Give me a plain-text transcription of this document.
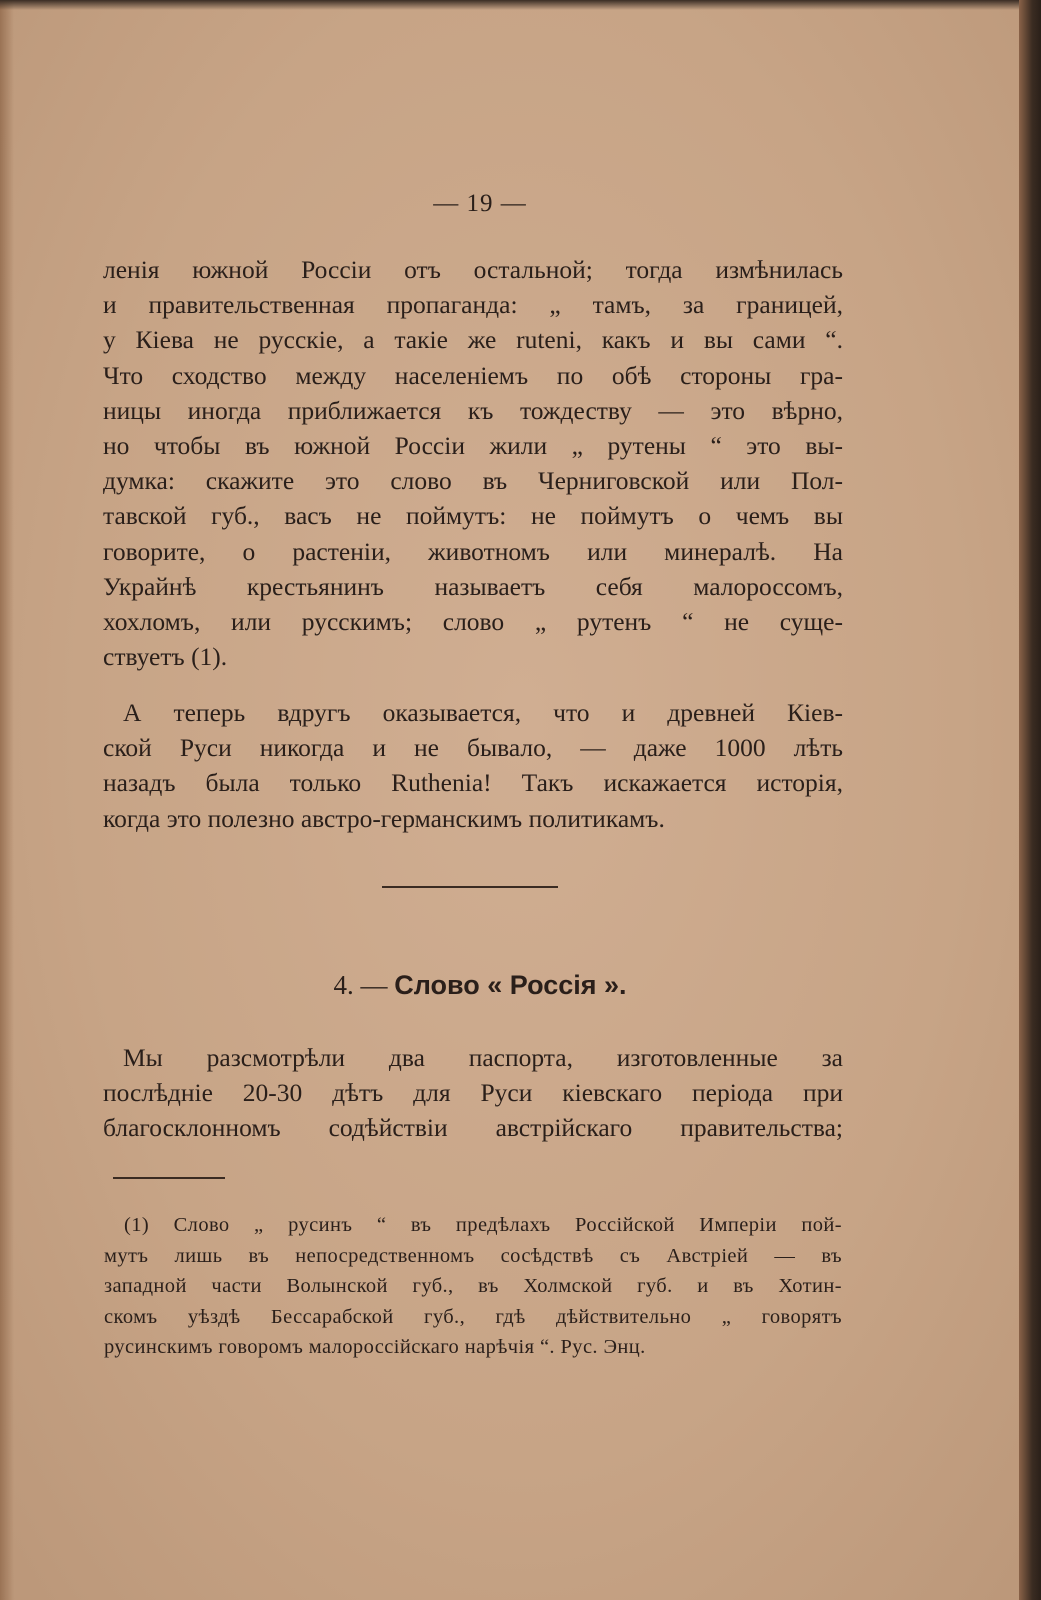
— 19 —
ленія южной Россіи отъ остальной; тогда измѣнилась
и правительственная пропаганда: „ тамъ, за границей,
у Кіева не русскіе, а такіе же ruteni, какъ и вы сами “.
Что сходство между населеніемъ по обѣ стороны гра-
ницы иногда приближается къ тождеству — это вѣрно,
но чтобы въ южной Россіи жили „ рутены “ это вы-
думка: скажите это слово въ Черниговской или Пол-
тавской губ., васъ не поймутъ: не поймутъ о чемъ вы
говорите, о растеніи, животномъ или минералѣ. На
Украйнѣ крестьянинъ называетъ себя малороссомъ,
хохломъ, или русскимъ; слово „ рутенъ “ не суще-
ствуетъ (1).
А теперь вдругъ оказывается, что и древней Кiев-
ской Руси никогда и не бывало, — даже 1000 лѣть
назадъ была только Ruthenia! Такъ искажается исторія,
когда это полезно австро-германскимъ политикамъ.
4. — Слово « Россія ».
Мы разсмотрѣли два паспорта, изготовленные за
послѣдніе 20-30 дѣтъ для Руси кіевскаго періода при
благосклонномъ содѣйствіи австрійскаго правительства;
(1) Слово „ русинъ “ въ предѣлахъ Россійской Имперіи пой-
мутъ лишь въ непосредственномъ сосѣдствѣ съ Австріей — въ
западной части Волынской губ., въ Холмской губ. и въ Хотин-
скомъ уѣздѣ Бессарабской губ., гдѣ дѣйствительно „ говорятъ
русинскимъ говоромъ малороссійскаго нарѣчія “. Рус. Энц.
